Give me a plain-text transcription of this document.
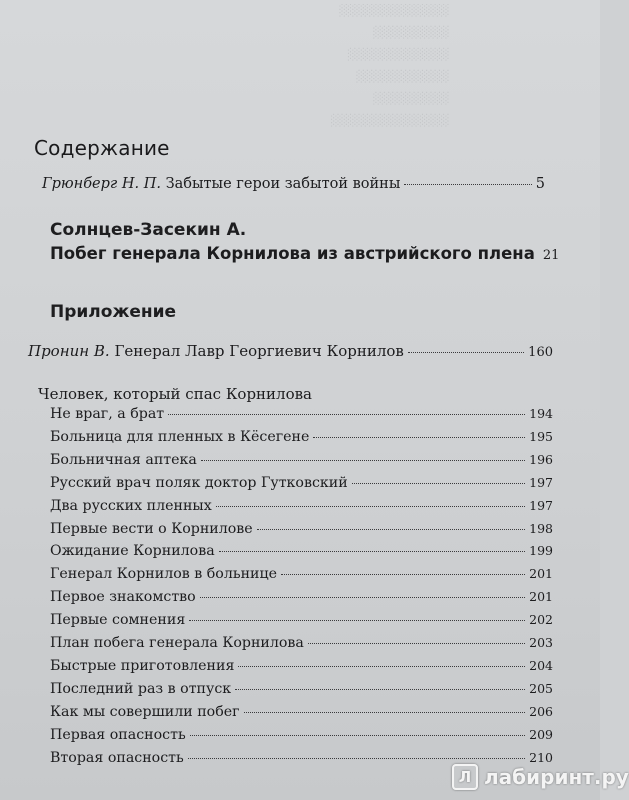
░░░░░░░░░░░░░
░░░░░░░░░
░░░░░░░░░░░░
░░░░░░░░░░░
░░░░░░░░░
░░░░░░░░░░░░░░
Содержание
Грюнберг Н. П. Забытые герои забытой войны	5
Солнцев-Засекин А.
Побег генерала Корнилова из австрийского плена 21
Приложение
Пронин В. Генерал Лавр Георгиевич Корнилов	160
Человек, который спас Корнилова
Не враг, а брат	194
Больница для пленных в Кёсегене	195
Больничная аптека	196
Русский врач поляк доктор Гутковский	197
Два русских пленных	197
Первые вести о Корнилове	198
Ожидание Корнилова	199
Генерал Корнилов в больнице	201
Первое знакомство	201
Первые сомнения	202
План побега генерала Корнилова	203
Быстрые приготовления	204
Последний раз в отпуск	205
Как мы совершили побег	206
Первая опасность	209
Вторая опасность	210
Л лабиринт.ру
